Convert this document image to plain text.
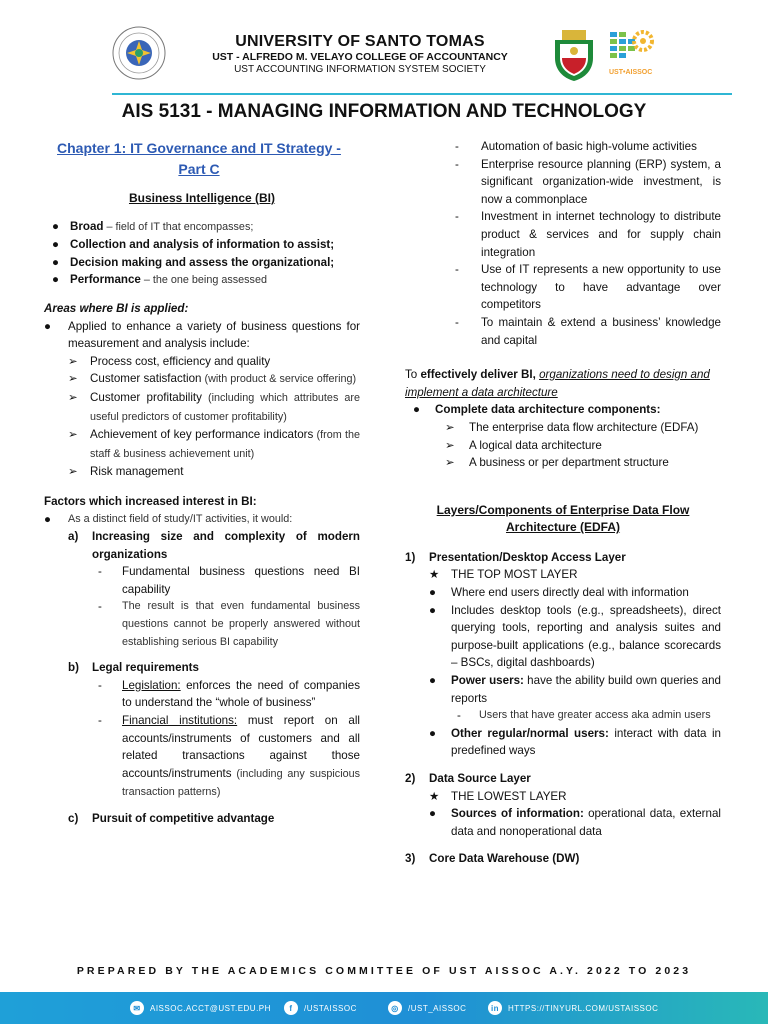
UNIVERSITY OF SANTO TOMAS
UST - ALFREDO M. VELAYO COLLEGE OF ACCOUNTANCY
UST ACCOUNTING INFORMATION SYSTEM SOCIETY	UST•AISSOC
AIS 5131 - MANAGING INFORMATION AND TECHNOLOGY
Chapter 1: IT Governance and IT Strategy - Part C
Business Intelligence (BI)
● Broad – field of IT that encompasses;
● Collection and analysis of information to assist;
● Decision making and assess the organizational;
● Performance – the one being assessed
Areas where BI is applied:
●	Applied to enhance a variety of business questions for measurement and analysis include:
➢	Process cost, efficiency and quality
➢	Customer satisfaction (with product & service offering)
➢	Customer profitability (including which attributes are useful predictors of customer profitability)
➢	Achievement of key performance indicators (from the staff & business achievement unit)
➢	Risk management
Factors which increased interest in BI:
●	As a distinct field of study/IT activities, it would:
a)	Increasing size and complexity of modern organizations
-	Fundamental business questions need BI capability
-	The result is that even fundamental business questions cannot be properly answered without establishing serious BI capability
b)	Legal requirements
-	Legislation: enforces the need of companies to understand the “whole of business”
-	Financial institutions: must report on all accounts/instruments of customers and all related transactions against those accounts/instruments (including any suspicious transaction patterns)
c)	Pursuit of competitive advantage
-	Automation of basic high-volume activities
-	Enterprise resource planning (ERP) system, a significant organization-wide investment, is now a commonplace
-	Investment in internet technology to distribute product & services and for supply chain integration
-	Use of IT represents a new opportunity to use technology to have advantage over competitors
-	To maintain & extend a business’ knowledge and capital
To effectively deliver BI, organizations need to design and implement a data architecture
●	Complete data architecture components:
➢	The enterprise data flow architecture (EDFA)
➢	A logical data architecture
➢	A business or per department structure
Layers/Components of Enterprise Data Flow Architecture (EDFA)
1)	Presentation/Desktop Access Layer
★ THE TOP MOST LAYER
●	Where end users directly deal with information
●	Includes desktop tools (e.g., spreadsheets), direct querying tools, reporting and analysis suites and purpose-built applications (e.g., balance scorecards – BSCs, digital dashboards)
●	Power users: have the ability build own queries and reports
-	Users that have greater access aka admin users
●	Other regular/normal users: interact with data in predefined ways
2)	Data Source Layer
★ THE LOWEST LAYER
●	Sources of information: operational data, external data and nonoperational data
3)	Core Data Warehouse (DW)
PREPARED BY THE ACADEMICS COMMITTEE OF UST AISSOC A.Y. 2022 TO 2023
✉	AISSOC.ACCT@UST.EDU.PH	f	/USTAISSOC	◎	/UST_AISSOC	in	HTTPS://TINYURL.COM/USTAISSOC
